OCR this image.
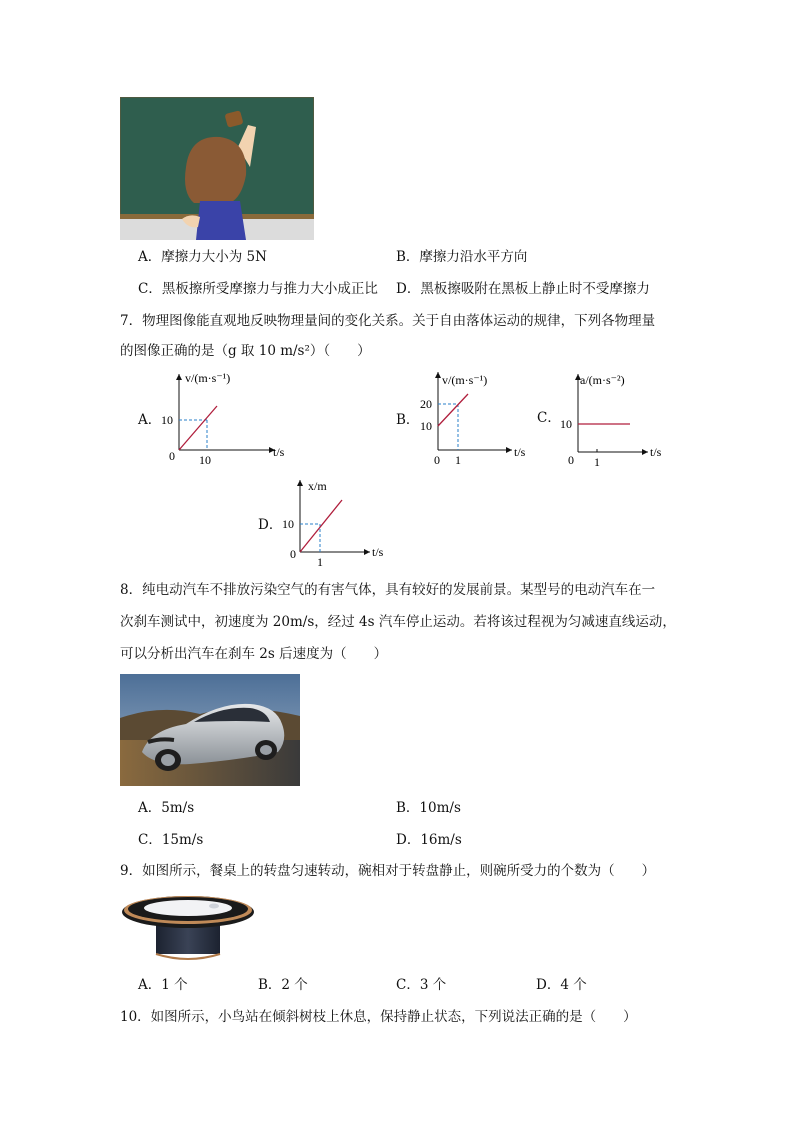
A．摩擦力大小为 5N	B．摩擦力沿水平方向
C．黑板擦所受摩擦力与推力大小成正比 D．黑板擦吸附在黑板上静止时不受摩擦力
7．物理图像能直观地反映物理量间的变化关系。关于自由落体运动的规律，下列各物理量
的图像正确的是（g 取 10 m/s²）（　　）
A．
v/(m·s⁻¹)
t/s
0
10
10
B．
v/(m·s⁻¹)
t/s
0
20
10
1
C．
a/(m·s⁻²)
t/s
0
10
1
D．
x/m
t/s
0
10
1
8．纯电动汽车不排放污染空气的有害气体，具有较好的发展前景。某型号的电动汽车在一
次刹车测试中，初速度为 20m/s，经过 4s 汽车停止运动。若将该过程视为匀减速直线运动，
可以分析出汽车在刹车 2s 后速度为（　　）
A．5m/s	B．10m/s
C．15m/s	D．16m/s
9．如图所示，餐桌上的转盘匀速转动，碗相对于转盘静止，则碗所受力的个数为（　　）
A．1 个	B．2 个	C．3 个	D．4 个
10．如图所示，小鸟站在倾斜树枝上休息，保持静止状态，下列说法正确的是（　　）
